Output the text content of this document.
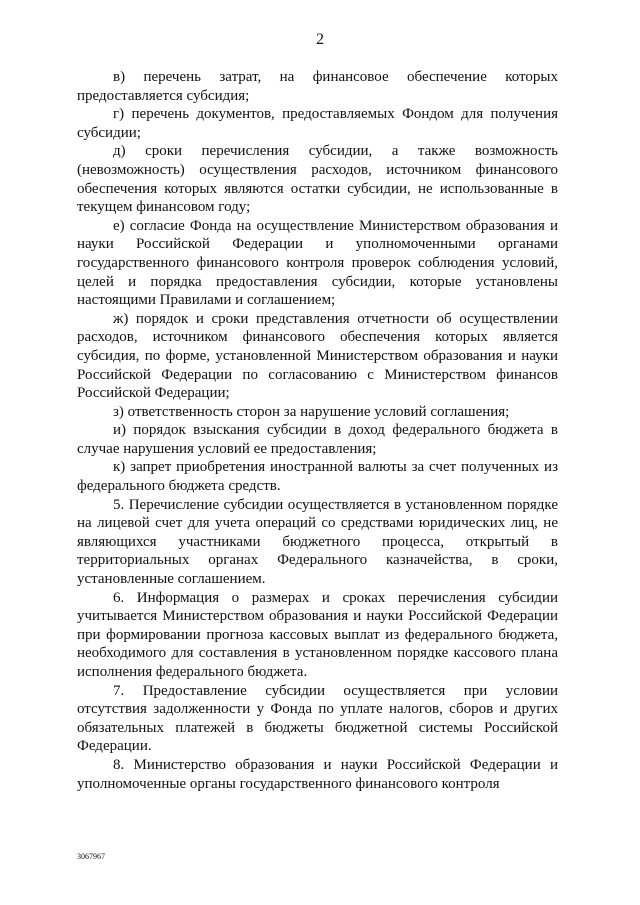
2

в) перечень затрат, на финансовое обеспечение которых предоставляется субсидия;

г) перечень документов, предоставляемых Фондом для получения субсидии;

д) сроки перечисления субсидии, а также возможность (невозможность) осуществления расходов, источником финансового обеспечения которых являются остатки субсидии, не использованные в текущем финансовом году;

е) согласие Фонда на осуществление Министерством образования и науки Российской Федерации и уполномоченными органами государственного финансового контроля проверок соблюдения условий, целей и порядка предоставления субсидии, которые установлены настоящими Правилами и соглашением;

ж) порядок и сроки представления отчетности об осуществлении расходов, источником финансового обеспечения которых является субсидия, по форме, установленной Министерством образования и науки Российской Федерации по согласованию с Министерством финансов Российской Федерации;

з) ответственность сторон за нарушение условий соглашения;

и) порядок взыскания субсидии в доход федерального бюджета в случае нарушения условий ее предоставления;

к) запрет приобретения иностранной валюты за счет полученных из федерального бюджета средств.

5. Перечисление субсидии осуществляется в установленном порядке на лицевой счет для учета операций со средствами юридических лиц, не являющихся участниками бюджетного процесса, открытый в территориальных органах Федерального казначейства, в сроки, установленные соглашением.

6. Информация о размерах и сроках перечисления субсидии учитывается Министерством образования и науки Российской Федерации при формировании прогноза кассовых выплат из федерального бюджета, необходимого для составления в установленном порядке кассового плана исполнения федерального бюджета.

7. Предоставление субсидии осуществляется при условии отсутствия задолженности у Фонда по уплате налогов, сборов и других обязательных платежей в бюджеты бюджетной системы Российской Федерации.

8. Министерство образования и науки Российской Федерации и уполномоченные органы государственного финансового контроля

3067967
